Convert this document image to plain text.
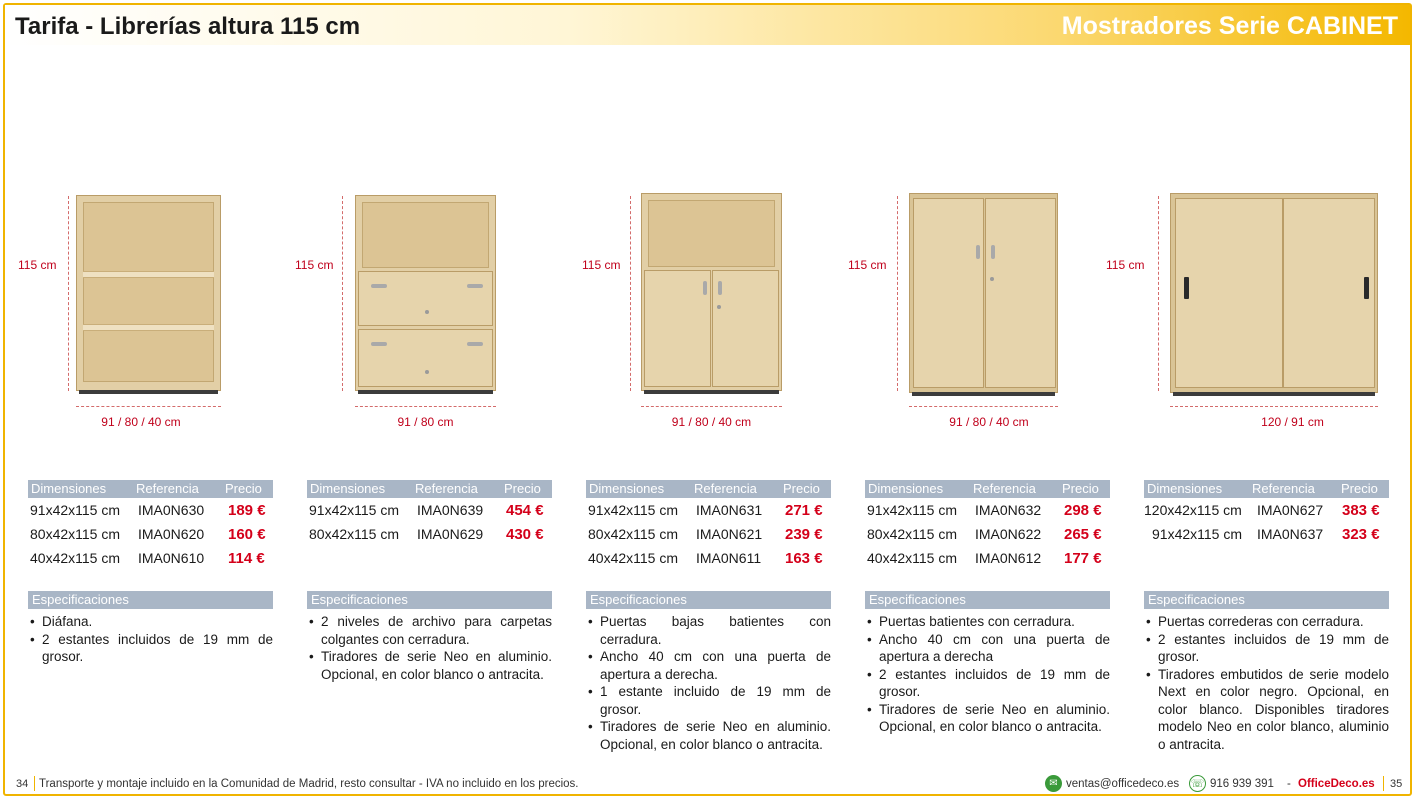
Tarifa - Librerías altura 115 cm	Mostradores Serie CABINET
115 cm
91 / 80 / 40 cm
115 cm
91 / 80 cm
115 cm
91 / 80 / 40 cm
115 cm
91 / 80 / 40 cm
115 cm
120 / 91 cm
Dimensiones Referencia Precio
91x42x115 cm IMA0N630 189 €
80x42x115 cm IMA0N620 160 €
40x42x115 cm IMA0N610 114 €
Dimensiones Referencia Precio
91x42x115 cm IMA0N639 454 €
80x42x115 cm IMA0N629 430 €
Dimensiones Referencia Precio
91x42x115 cm IMA0N631 271 €
80x42x115 cm IMA0N621 239 €
40x42x115 cm IMA0N611 163 €
Dimensiones Referencia Precio
91x42x115 cm IMA0N632 298 €
80x42x115 cm IMA0N622 265 €
40x42x115 cm IMA0N612 177 €
Dimensiones Referencia Precio
120x42x115 cm IMA0N627 383 €
91x42x115 cm IMA0N637 323 €
Especificaciones
• Diáfana.
• 2 estantes incluidos de 19 mm de grosor.
Especificaciones
• 2 niveles de archivo para carpetas colgantes con cerradura.
• Tiradores de serie Neo en aluminio. Opcional, en color blanco o antracita.
Especificaciones
• Puertas bajas batientes con cerradura.
• Ancho 40 cm con una puerta de apertura a derecha.
• 1 estante incluido de 19 mm de grosor.
• Tiradores de serie Neo en aluminio. Opcional, en color blanco o antracita.
Especificaciones
• Puertas batientes con cerradura.
• Ancho 40 cm con una puerta de apertura a derecha
• 2 estantes incluidos de 19 mm de grosor.
• Tiradores de serie Neo en aluminio. Opcional, en color blanco o antracita.
Especificaciones
• Puertas correderas con cerradura.
• 2 estantes incluidos de 19 mm de grosor.
• Tiradores embutidos de serie modelo Next en color negro. Opcional, en color blanco. Disponibles tiradores modelo Neo en color blanco, aluminio o antracita.
34 Transporte y montaje incluido en la Comunidad de Madrid, resto consultar - IVA no incluido en los precios.	✉ ventas@officedeco.es ☏ 916 939 391 - OfficeDeco.es 35
